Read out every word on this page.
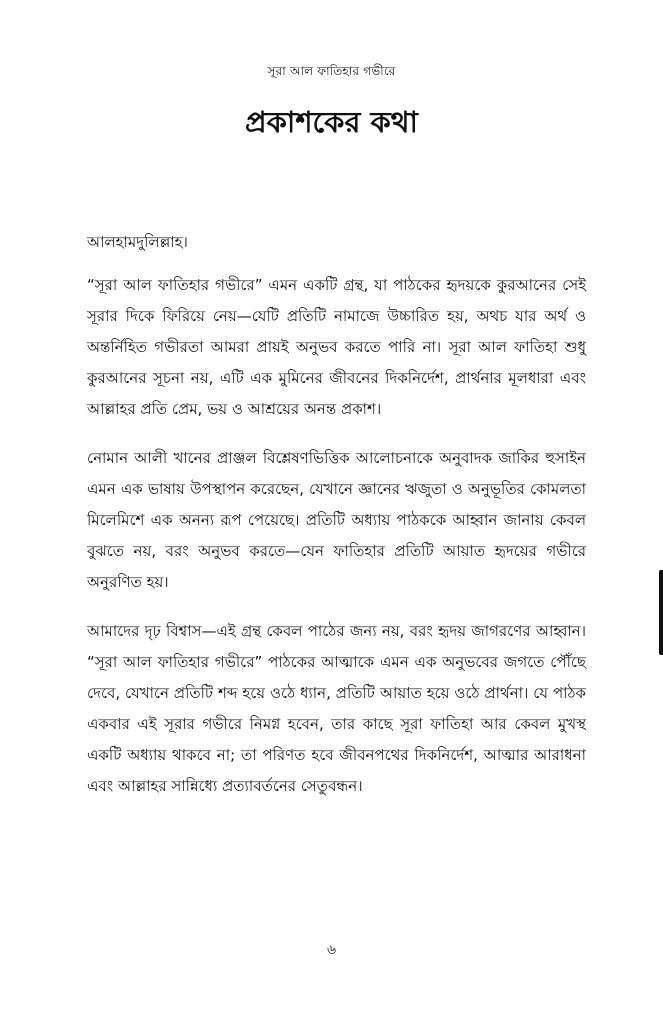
সূরা আল ফাতিহার গভীরে
প্রকাশকের কথা

আলহামদুলিল্লাহ।

“সূরা আল ফাতিহার গভীরে” এমন একটি গ্রন্থ, যা পাঠকের হৃদয়কে কুরআনের সেই সূরার দিকে ফিরিয়ে নেয়—যেটি প্রতিটি নামাজে উচ্চারিত হয়, অথচ যার অর্থ ও অন্তর্নিহিত গভীরতা আমরা প্রায়ই অনুভব করতে পারি না। সূরা আল ফাতিহা শুধু কুরআনের সূচনা নয়, এটি এক মুমিনের জীবনের দিকনির্দেশ, প্রার্থনার মূলধারা এবং আল্লাহর প্রতি প্রেম, ভয় ও আশ্রয়ের অনন্ত প্রকাশ।

নোমান আলী খানের প্রাঞ্জল বিশ্লেষণভিত্তিক আলোচনাকে অনুবাদক জাকির হুসাইন এমন এক ভাষায় উপস্থাপন করেছেন, যেখানে জ্ঞানের ঋজুতা ও অনুভূতির কোমলতা মিলেমিশে এক অনন্য রূপ পেয়েছে। প্রতিটি অধ্যায় পাঠককে আহ্বান জানায় কেবল বুঝতে নয়, বরং অনুভব করতে—যেন ফাতিহার প্রতিটি আয়াত হৃদয়ের গভীরে অনুরণিত হয়।

আমাদের দৃঢ় বিশ্বাস—এই গ্রন্থ কেবল পাঠের জন্য নয়, বরং হৃদয় জাগরণের আহ্বান। “সূরা আল ফাতিহার গভীরে” পাঠকের আত্মাকে এমন এক অনুভবের জগতে পৌঁছে দেবে, যেখানে প্রতিটি শব্দ হয়ে ওঠে ধ্যান, প্রতিটি আয়াত হয়ে ওঠে প্রার্থনা। যে পাঠক একবার এই সূরার গভীরে নিমগ্ন হবেন, তার কাছে সূরা ফাতিহা আর কেবল মুখস্থ একটি অধ্যায় থাকবে না; তা পরিণত হবে জীবনপথের দিকনির্দেশ, আত্মার আরাধনা এবং আল্লাহর সান্নিধ্যে প্রত্যাবর্তনের সেতুবন্ধন।

৬
